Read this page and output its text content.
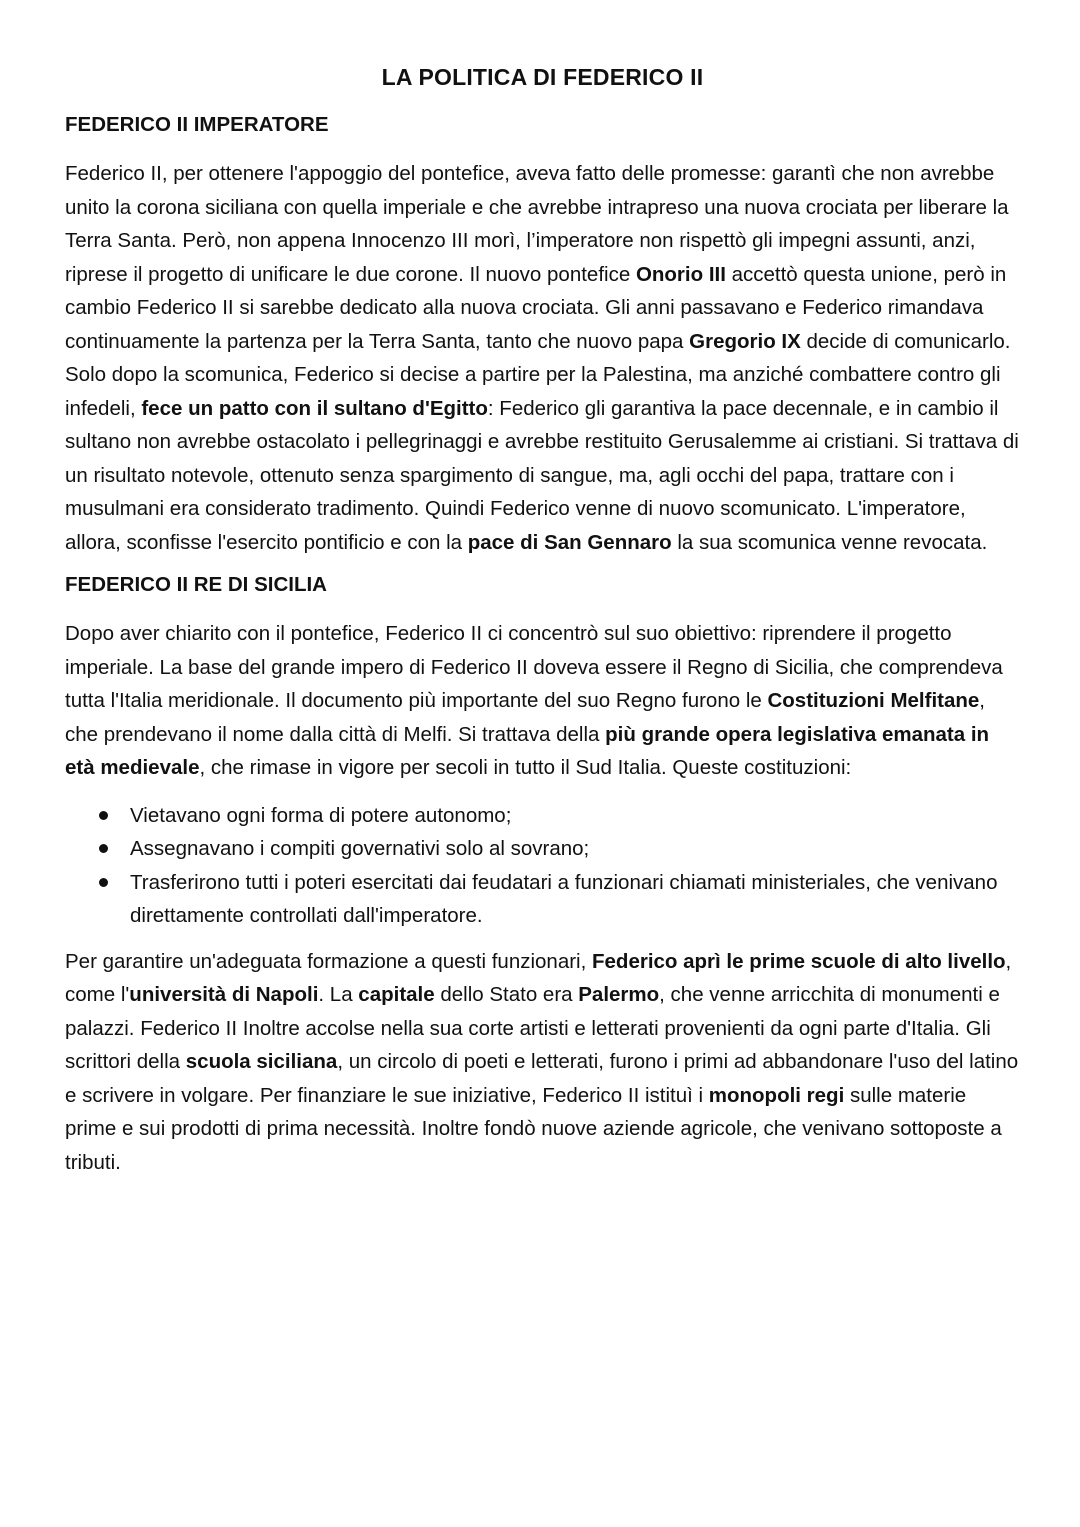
LA POLITICA DI FEDERICO II
FEDERICO II IMPERATORE

Federico II, per ottenere l'appoggio del pontefice, aveva fatto delle promesse: garantì che non avrebbe unito la corona siciliana con quella imperiale e che avrebbe intrapreso una nuova crociata per liberare la Terra Santa. Però, non appena Innocenzo III morì, l’imperatore non rispettò gli impegni assunti, anzi, riprese il progetto di unificare le due corone. Il nuovo pontefice Onorio III accettò questa unione, però in cambio Federico II si sarebbe dedicato alla nuova crociata. Gli anni passavano e Federico rimandava continuamente la partenza per la Terra Santa, tanto che nuovo papa Gregorio IX decide di comunicarlo. Solo dopo la scomunica, Federico si decise a partire per la Palestina, ma anziché combattere contro gli infedeli, fece un patto con il sultano d'Egitto: Federico gli garantiva la pace decennale, e in cambio il sultano non avrebbe ostacolato i pellegrinaggi e avrebbe restituito Gerusalemme ai cristiani. Si trattava di un risultato notevole, ottenuto senza spargimento di sangue, ma, agli occhi del papa, trattare con i musulmani era considerato tradimento. Quindi Federico venne di nuovo scomunicato. L'imperatore, allora, sconfisse l'esercito pontificio e con la pace di San Gennaro la sua scomunica venne revocata.

FEDERICO II RE DI SICILIA

Dopo aver chiarito con il pontefice, Federico II ci concentrò sul suo obiettivo: riprendere il progetto imperiale. La base del grande impero di Federico II doveva essere il Regno di Sicilia, che comprendeva tutta l'Italia meridionale. Il documento più importante del suo Regno furono le Costituzioni Melfitane, che prendevano il nome dalla città di Melfi. Si trattava della più grande opera legislativa emanata in età medievale, che rimase in vigore per secoli in tutto il Sud Italia. Queste costituzioni:

Vietavano ogni forma di potere autonomo;
Assegnavano i compiti governativi solo al sovrano;
Trasferirono tutti i poteri esercitati dai feudatari a funzionari chiamati ministeriales, che venivano direttamente controllati dall'imperatore.

Per garantire un'adeguata formazione a questi funzionari, Federico aprì le prime scuole di alto livello, come l'università di Napoli. La capitale dello Stato era Palermo, che venne arricchita di monumenti e palazzi. Federico II Inoltre accolse nella sua corte artisti e letterati provenienti da ogni parte d'Italia. Gli scrittori della scuola siciliana, un circolo di poeti e letterati, furono i primi ad abbandonare l'uso del latino e scrivere in volgare. Per finanziare le sue iniziative, Federico II istituì i monopoli regi sulle materie prime e sui prodotti di prima necessità. Inoltre fondò nuove aziende agricole, che venivano sottoposte a tributi.
